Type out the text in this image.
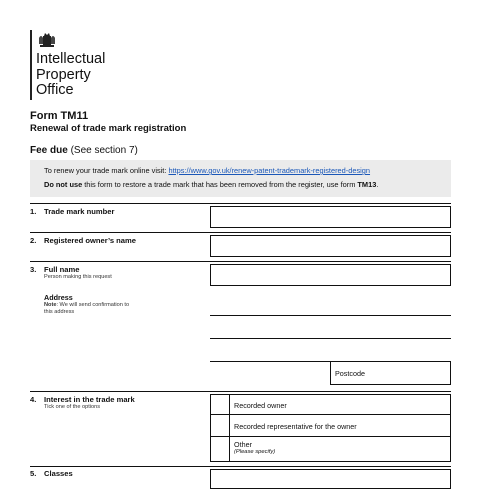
Intellectual
Property
Office
Form TM11
Renewal of trade mark registration
Fee due (See section 7)
To renew your trade mark online visit: https://www.gov.uk/renew-patent-trademark-registered-design
Do not use this form to restore a trade mark that has been removed from the register, use form TM13.
1. Trade mark number
2. Registered owner’s name
3. Full name
Person making this request
Address
Note: We will send confirmation to
this address
Postcode
4. Interest in the trade mark
Tick one of the options	Recorded owner
Recorded representative for the owner
Other
(Please specify)
5. Classes
